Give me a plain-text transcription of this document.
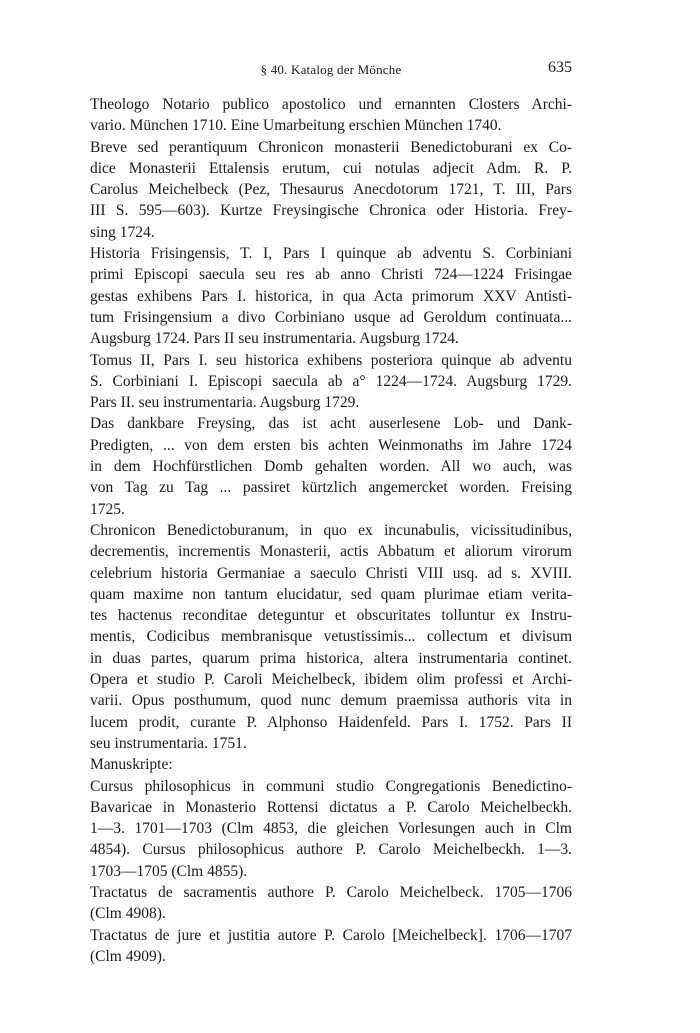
§ 40. Katalog der Mönche	635
Theologo Notario publico apostolico und ernannten Closters Archi-
vario. München 1710. Eine Umarbeitung erschien München 1740.
Breve sed perantiquum Chronicon monasterii Benedictoburani ex Co-
dice Monasterii Ettalensis erutum, cui notulas adjecit Adm. R. P.
Carolus Meichelbeck (Pez, Thesaurus Anecdotorum 1721, T. III, Pars
III S. 595—603). Kurtze Freysingische Chronica oder Historia. Frey-
sing 1724.
Historia Frisingensis, T. I, Pars I quinque ab adventu S. Corbiniani
primi Episcopi saecula seu res ab anno Christi 724—1224 Frisingae
gestas exhibens Pars I. historica, in qua Acta primorum XXV Antisti-
tum Frisingensium a divo Corbiniano usque ad Geroldum continuata...
Augsburg 1724. Pars II seu instrumentaria. Augsburg 1724.
Tomus II, Pars I. seu historica exhibens posteriora quinque ab adventu
S. Corbiniani I. Episcopi saecula ab a° 1224—1724. Augsburg 1729.
Pars II. seu instrumentaria. Augsburg 1729.
Das dankbare Freysing, das ist acht auserlesene Lob- und Dank-
Predigten, ... von dem ersten bis achten Weinmonaths im Jahre 1724
in dem Hochfürstlichen Domb gehalten worden. All wo auch, was
von Tag zu Tag ... passiret kürtzlich angemercket worden. Freising
1725.
Chronicon Benedictoburanum, in quo ex incunabulis, vicissitudinibus,
decrementis, incrementis Monasterii, actis Abbatum et aliorum virorum
celebrium historia Germaniae a saeculo Christi VIII usq. ad s. XVIII.
quam maxime non tantum elucidatur, sed quam plurimae etiam verita-
tes hactenus reconditae deteguntur et obscuritates tolluntur ex Instru-
mentis, Codicibus membranisque vetustissimis... collectum et divisum
in duas partes, quarum prima historica, altera instrumentaria continet.
Opera et studio P. Caroli Meichelbeck, ibidem olim professi et Archi-
varii. Opus posthumum, quod nunc demum praemissa authoris vita in
lucem prodit, curante P. Alphonso Haidenfeld. Pars I. 1752. Pars II
seu instrumentaria. 1751.
Manuskripte:
Cursus philosophicus in communi studio Congregationis Benedictino-
Bavaricae in Monasterio Rottensi dictatus a P. Carolo Meichelbeckh.
1—3. 1701—1703 (Clm 4853, die gleichen Vorlesungen auch in Clm
4854). Cursus philosophicus authore P. Carolo Meichelbeckh. 1—3.
1703—1705 (Clm 4855).
Tractatus de sacramentis authore P. Carolo Meichelbeck. 1705—1706
(Clm 4908).
Tractatus de jure et justitia autore P. Carolo [Meichelbeck]. 1706—1707
(Clm 4909).
